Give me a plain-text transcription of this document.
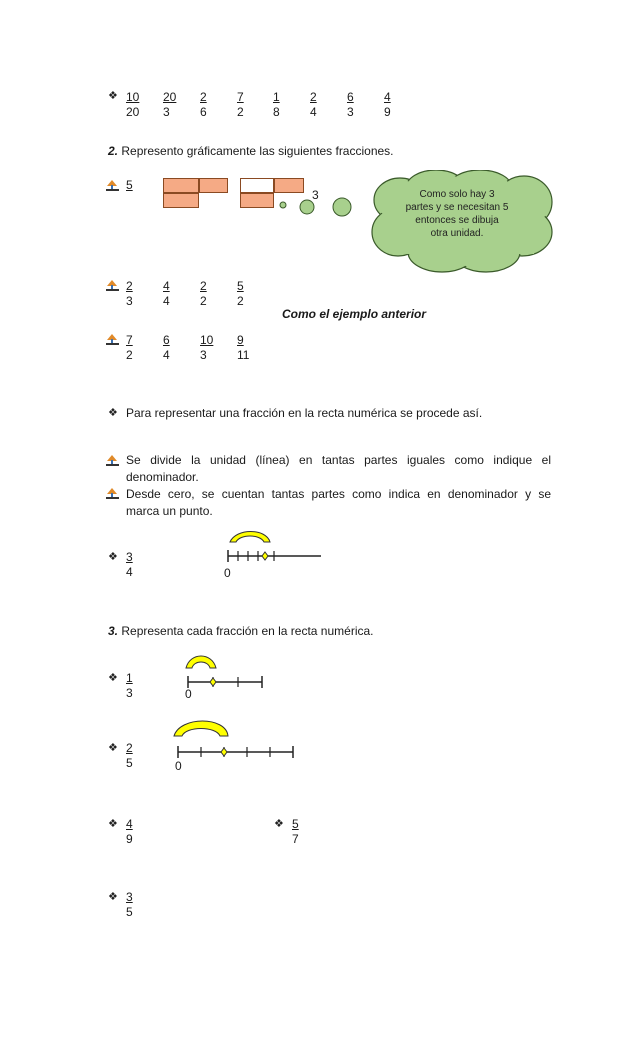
❖ $\frac{10}{20} \frac{20}{3} \frac{2}{6}$	$\frac{7}{2} \frac{1}{8}$	$\frac{2}{4}$	$\frac{6}{3}$	$\frac{4}{9}$
2. Represento gráficamente las siguientes fracciones.
5
3	Como solo hay 3
partes y se necesitan 5
entonces se dibuja
otra unidad.
$\frac{2}{3}$	$\frac{4}{4}$	$\frac{2}{2}$	$\frac{5}{2}$
Como el ejemplo anterior
$\frac{7}{2}$	$\frac{6}{4}$	$\frac{10}{3} \frac{9}{11}$
❖ Para representar una fracción en la recta numérica se procede así.
Se divide la unidad (línea) en tantas partes iguales como indique el
denominador.
Desde cero, se cuentan tantas partes como indica en denominador y se
marca un punto.
❖ $\frac{3}{4}$	0
3. Representa cada fracción en la recta numérica.
❖ $\frac{1}{3}$	0
❖ $\frac{2}{5}$	0
❖ $\frac{4}{9}$	❖ $\frac{5}{7}$
❖ $\frac{3}{5}$
